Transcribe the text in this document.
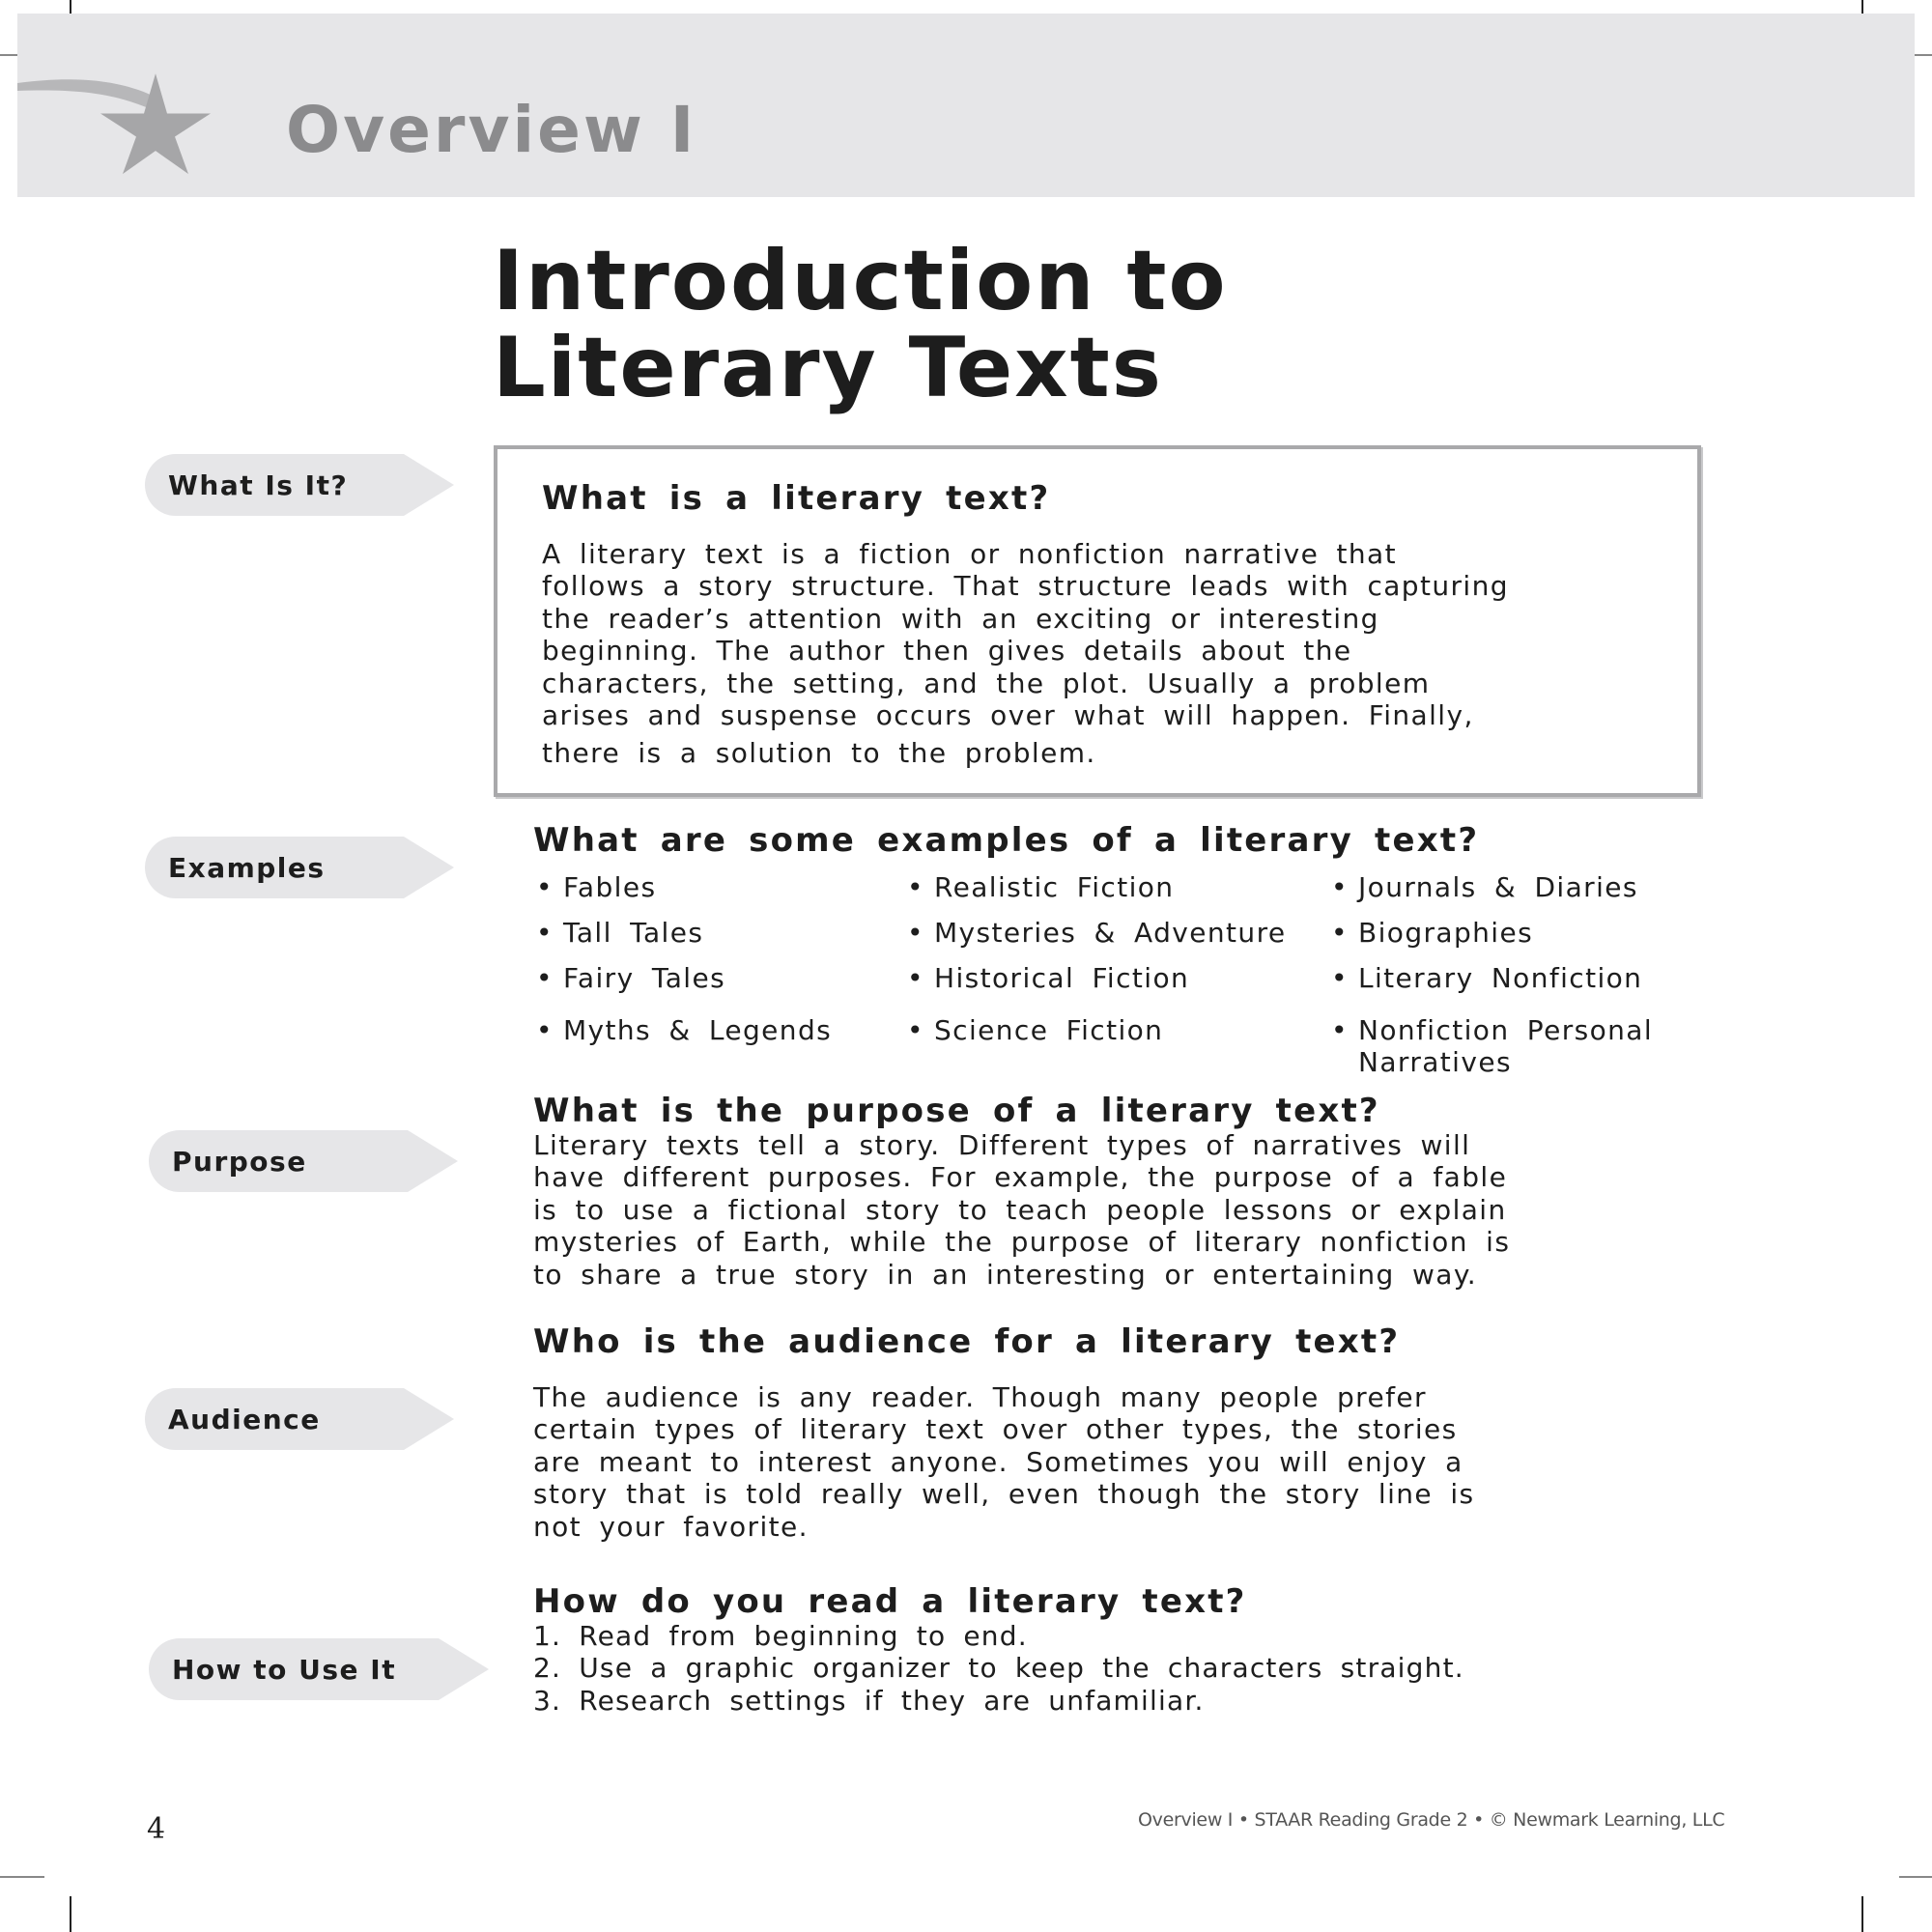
Overview I
Introduction to
Literary Texts
What Is It?
Examples
Purpose
Audience
How to Use It
What is a literary text?
A literary text is a fiction or nonfiction narrative that
follows a story structure. That structure leads with capturing
the reader’s attention with an exciting or interesting
beginning. The author then gives details about the
characters, the setting, and the plot. Usually a problem
arises and suspense occurs over what will happen. Finally,
there is a solution to the problem.
What are some examples of a literary text?
• Fables
• Tall Tales
• Fairy Tales
• Myths & Legends
• Realistic Fiction
• Mysteries & Adventure
• Historical Fiction
• Science Fiction
• Journals & Diaries
• Biographies
• Literary Nonfiction
• Nonfiction Personal
Narratives
What is the purpose of a literary text?
Literary texts tell a story. Different types of narratives will
have different purposes. For example, the purpose of a fable
is to use a fictional story to teach people lessons or explain
mysteries of Earth, while the purpose of literary nonfiction is
to share a true story in an interesting or entertaining way.
Who is the audience for a literary text?
The audience is any reader. Though many people prefer
certain types of literary text over other types, the stories
are meant to interest anyone. Sometimes you will enjoy a
story that is told really well, even though the story line is
not your favorite.
How do you read a literary text?
1. Read from beginning to end.
2. Use a graphic organizer to keep the characters straight.
3. Research settings if they are unfamiliar.
4	Overview I • STAAR Reading Grade 2 • © Newmark Learning, LLC
